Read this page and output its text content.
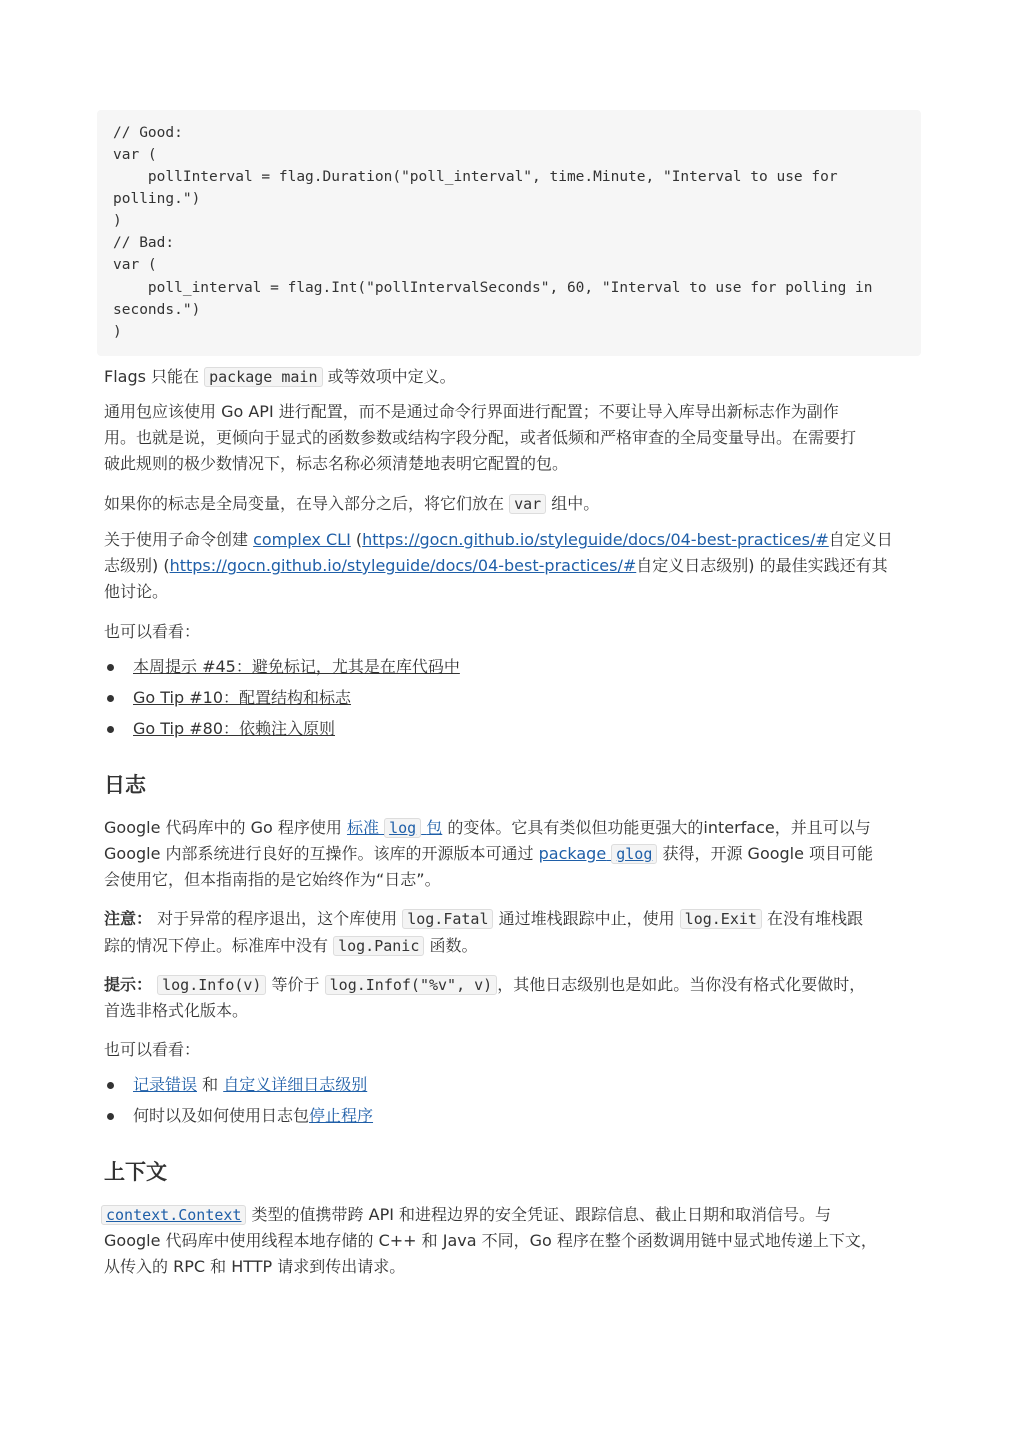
// Good:
var (
pollInterval = flag.Duration("poll_interval", time.Minute, "Interval to use for
polling.")
)
// Bad:
var (
poll_interval = flag.Int("pollIntervalSeconds", 60, "Interval to use for polling in
seconds.")
)
Flags 只能在 package main 或等效项中定义。
通用包应该使用 Go API 进行配置，而不是通过命令行界面进行配置；不要让导入库导出新标志作为副作
用。也就是说，更倾向于显式的函数参数或结构字段分配，或者低频和严格审查的全局变量导出。在需要打
破此规则的极少数情况下，标志名称必须清楚地表明它配置的包。
如果你的标志是全局变量，在导入部分之后，将它们放在 var 组中。
关于使用子命令创建 complex CLI (https://gocn.github.io/styleguide/docs/04-best-practices/#自定义日
志级别) (https://gocn.github.io/styleguide/docs/04-best-practices/#自定义日志级别) 的最佳实践还有其
他讨论。
也可以看看：
本周提示 #45：避免标记，尤其是在库代码中
Go Tip #10：配置结构和标志
Go Tip #80：依赖注入原则
日志
Google 代码库中的 Go 程序使用 标准 log 包 的变体。它具有类似但功能更强大的interface，并且可以与
Google 内部系统进行良好的互操作。该库的开源版本可通过 package glog 获得，开源 Google 项目可能
会使用它，但本指南指的是它始终作为“日志”。
注意： 对于异常的程序退出，这个库使用 log.Fatal 通过堆栈跟踪中止，使用 log.Exit 在没有堆栈跟
踪的情况下停止。标准库中没有 log.Panic 函数。
提示： log.Info(v) 等价于 log.Infof("%v", v) ，其他日志级别也是如此。当你没有格式化要做时，
首选非格式化版本。
也可以看看：
记录错误 和 自定义详细日志级别
何时以及如何使用日志包停止程序
上下文
context.Context 类型的值携带跨 API 和进程边界的安全凭证、跟踪信息、截止日期和取消信号。与
Google 代码库中使用线程本地存储的 C++ 和 Java 不同，Go 程序在整个函数调用链中显式地传递上下文，
从传入的 RPC 和 HTTP 请求到传出请求。
